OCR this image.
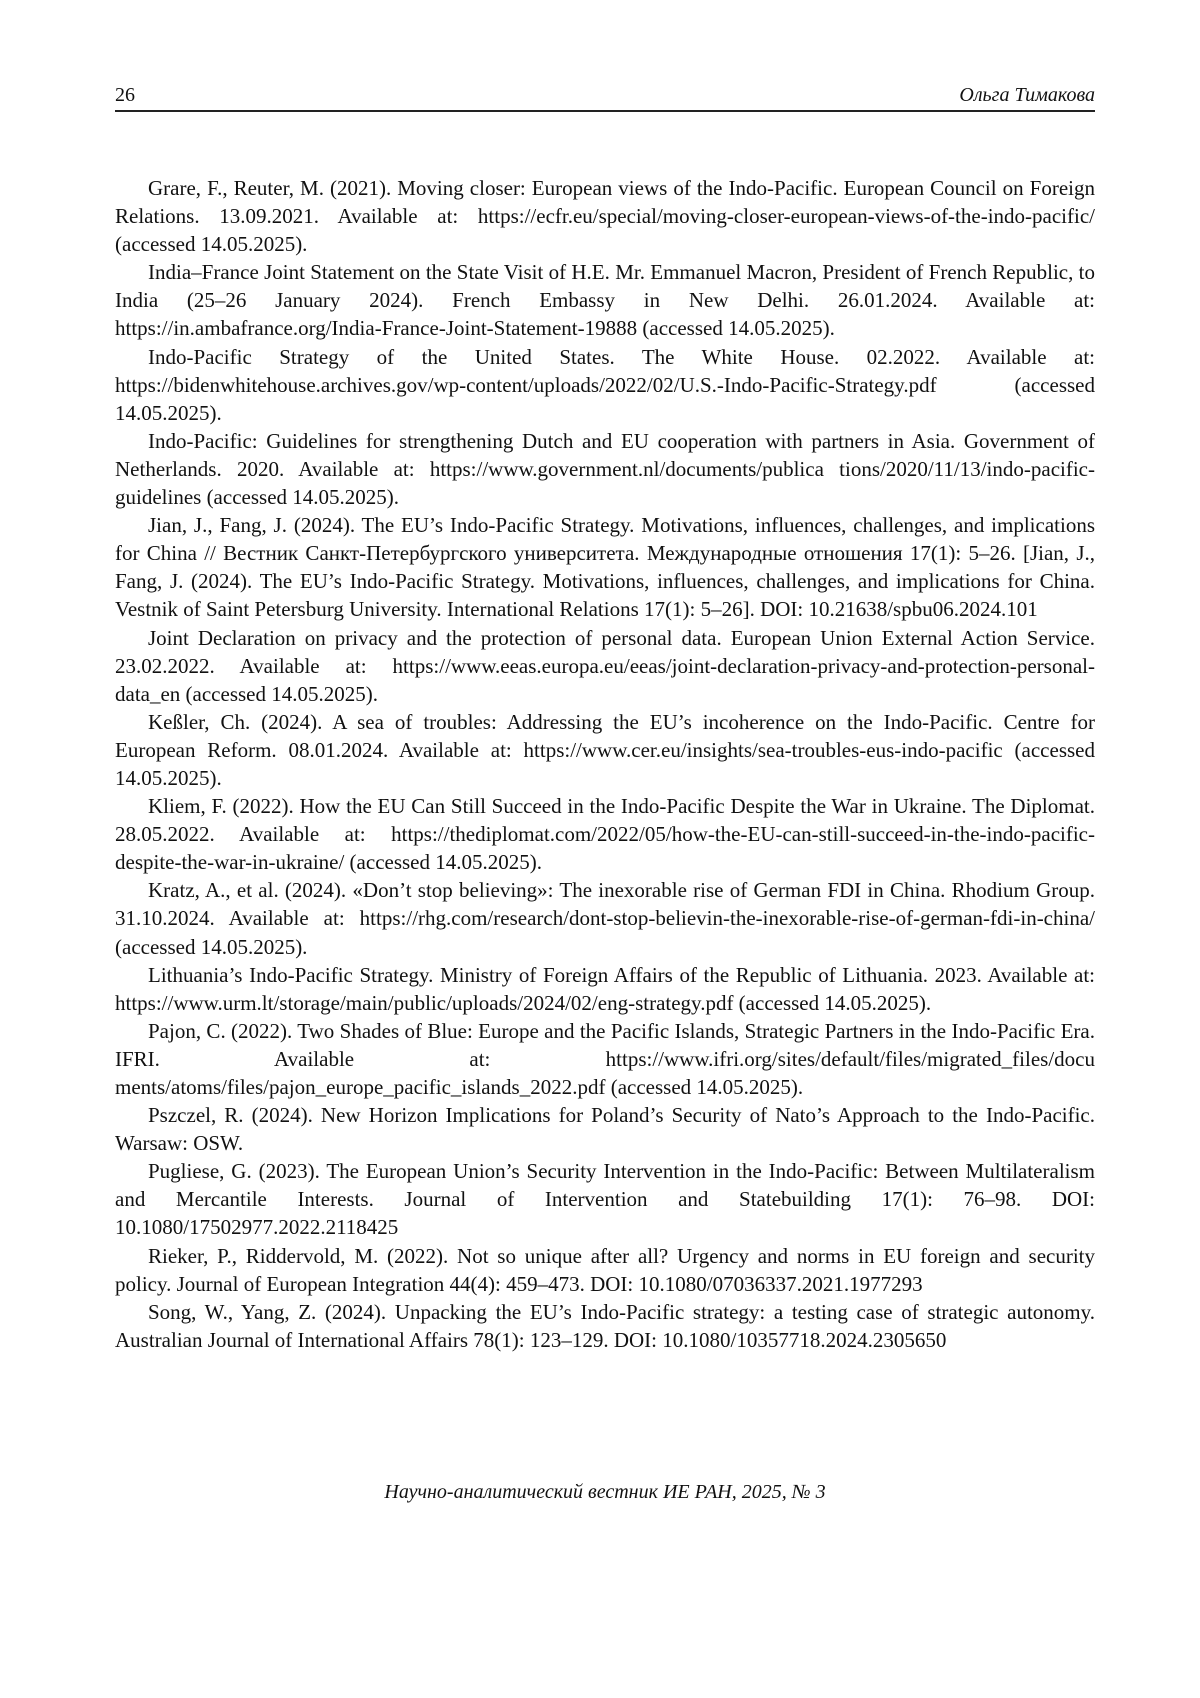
26	Ольга Тимакова

Grare, F., Reuter, M. (2021). Moving closer: European views of the Indo-Pacific. European Council on Foreign Relations. 13.09.2021. Available at: https://ecfr.eu/special/moving-closer-european-views-of-the-indo-pacific/ (accessed 14.05.2025).

India–France Joint Statement on the State Visit of H.E. Mr. Emmanuel Macron, President of French Republic, to India (25–26 January 2024). French Embassy in New Delhi. 26.01.2024. Available at: https://in.ambafrance.org/India-France-Joint-Statement-19888 (accessed 14.05.2025).

Indo-Pacific Strategy of the United States. The White House. 02.2022. Available at: https://bidenwhitehouse.archives.gov/wp-content/uploads/2022/02/U.S.-Indo-Pacific-Strategy.pdf (accessed 14.05.2025).

Indo-Pacific: Guidelines for strengthening Dutch and EU cooperation with partners in Asia. Government of Netherlands. 2020. Available at: https://www.government.nl/documents/publica tions/2020/11/13/indo-pacific-guidelines (accessed 14.05.2025).

Jian, J., Fang, J. (2024). The EU’s Indo-Pacific Strategy. Motivations, influences, challenges, and implications for China // Вестник Санкт-Петербургского университета. Международные отношения 17(1): 5–26. [Jian, J., Fang, J. (2024). The EU’s Indo-Pacific Strategy. Motivations, influences, challenges, and implications for China. Vestnik of Saint Petersburg University. International Relations 17(1): 5–26]. DOI: 10.21638/spbu06.2024.101

Joint Declaration on privacy and the protection of personal data. European Union External Action Service. 23.02.2022. Available at: https://www.eeas.europa.eu/eeas/joint-declaration-privacy-and-protection-personal-data_en (accessed 14.05.2025).

Keßler, Ch. (2024). A sea of troubles: Addressing the EU’s incoherence on the Indo-Pacific. Centre for European Reform. 08.01.2024. Available at: https://www.cer.eu/insights/sea-troubles-eus-indo-pacific (accessed 14.05.2025).

Kliem, F. (2022). How the EU Can Still Succeed in the Indo-Pacific Despite the War in Ukraine. The Diplomat. 28.05.2022. Available at: https://thediplomat.com/2022/05/how-the-EU-can-still-succeed-in-the-indo-pacific-despite-the-war-in-ukraine/ (accessed 14.05.2025).

Kratz, A., et al. (2024). «Don’t stop believing»: The inexorable rise of German FDI in China. Rhodium Group. 31.10.2024. Available at: https://rhg.com/research/dont-stop-believin-the-inexorable-rise-of-german-fdi-in-china/ (accessed 14.05.2025).

Lithuania’s Indo-Pacific Strategy. Ministry of Foreign Affairs of the Republic of Lithuania. 2023. Available at: https://www.urm.lt/storage/main/public/uploads/2024/02/eng-strategy.pdf (accessed 14.05.2025).

Pajon, C. (2022). Two Shades of Blue: Europe and the Pacific Islands, Strategic Partners in the Indo-Pacific Era. IFRI. Available at: https://www.ifri.org/sites/default/files/migrated_files/docu ments/atoms/files/pajon_europe_pacific_islands_2022.pdf (accessed 14.05.2025).

Pszczel, R. (2024). New Horizon Implications for Poland’s Security of Nato’s Approach to the Indo-Pacific. Warsaw: OSW.

Pugliese, G. (2023). The European Union’s Security Intervention in the Indo-Pacific: Between Multilateralism and Mercantile Interests. Journal of Intervention and Statebuilding 17(1): 76–98. DOI: 10.1080/17502977.2022.2118425

Rieker, P., Riddervold, M. (2022). Not so unique after all? Urgency and norms in EU foreign and security policy. Journal of European Integration 44(4): 459–473. DOI: 10.1080/07036337.2021.1977293

Song, W., Yang, Z. (2024). Unpacking the EU’s Indo-Pacific strategy: a testing case of strategic autonomy. Australian Journal of International Affairs 78(1): 123–129. DOI: 10.1080/10357718.2024.2305650

Научно-аналитический вестник ИЕ РАН, 2025, № 3
